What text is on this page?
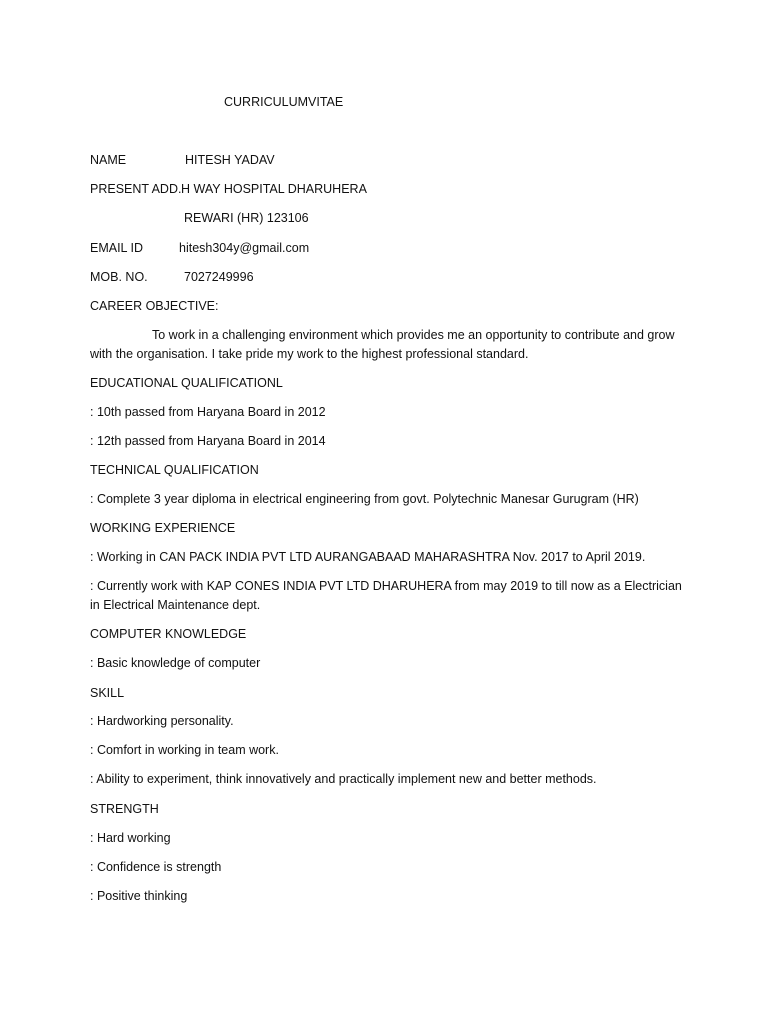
CURRICULUMVITAE
NAME	HITESH YADAV
PRESENT ADD. H WAY HOSPITAL DHARUHERA
REWARI (HR) 123106
EMAIL ID	hitesh304y@gmail.com
MOB. NO.	7027249996
CAREER OBJECTIVE:
To work in a challenging environment which provides me an opportunity to contribute and grow with the organisation. I take pride my work to the highest professional standard.
EDUCATIONAL QUALIFICATIONL
: 10th passed from Haryana Board in 2012
: 12th passed from Haryana Board in 2014
TECHNICAL QUALIFICATION
: Complete 3 year diploma in electrical engineering from govt. Polytechnic Manesar Gurugram (HR)
WORKING EXPERIENCE
: Working in CAN PACK INDIA PVT LTD AURANGABAAD MAHARASHTRA Nov. 2017 to April 2019.
: Currently work with KAP CONES INDIA PVT LTD DHARUHERA from may 2019 to till now as a Electrician in Electrical Maintenance dept.
COMPUTER KNOWLEDGE
: Basic knowledge of computer
SKILL
: Hardworking personality.
: Comfort in working in team work.
: Ability to experiment, think innovatively and practically implement new and better methods.
STRENGTH
: Hard working
: Confidence is strength
: Positive thinking
